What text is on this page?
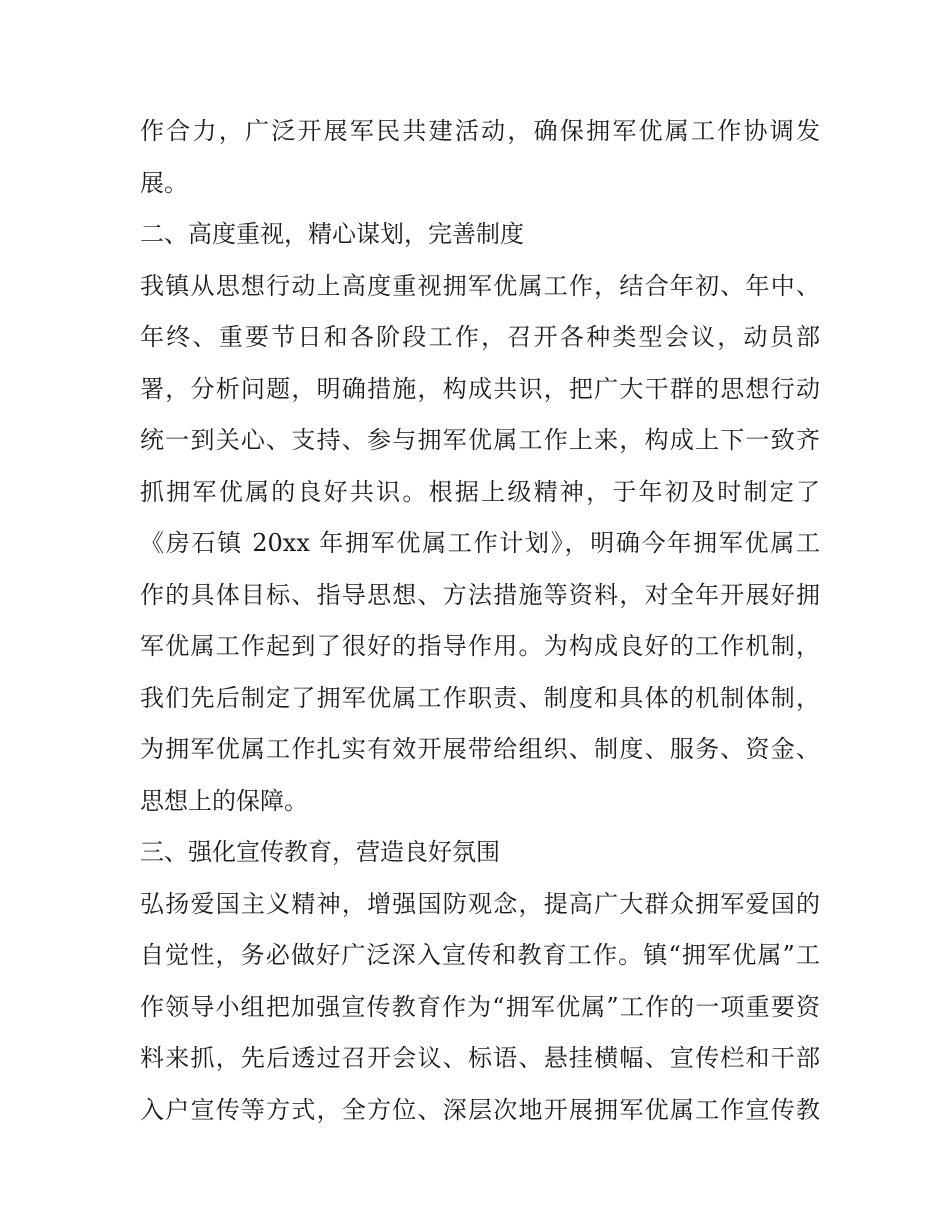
作合力，广泛开展军民共建活动，确保拥军优属工作协调发
展。
二、高度重视，精心谋划，完善制度
我镇从思想行动上高度重视拥军优属工作，结合年初、年中、
年终、重要节日和各阶段工作，召开各种类型会议，动员部
署，分析问题，明确措施，构成共识，把广大干群的思想行动
统一到关心、支持、参与拥军优属工作上来，构成上下一致齐
抓拥军优属的良好共识。根据上级精神，于年初及时制定了
《房石镇 20xx 年拥军优属工作计划》，明确今年拥军优属工
作的具体目标、指导思想、方法措施等资料，对全年开展好拥
军优属工作起到了很好的指导作用。为构成良好的工作机制，
我们先后制定了拥军优属工作职责、制度和具体的机制体制，
为拥军优属工作扎实有效开展带给组织、制度、服务、资金、
思想上的保障。
三、强化宣传教育，营造良好氛围
弘扬爱国主义精神，增强国防观念，提高广大群众拥军爱国的
自觉性，务必做好广泛深入宣传和教育工作。镇“拥军优属”工
作领导小组把加强宣传教育作为“拥军优属”工作的一项重要资
料来抓，先后透过召开会议、标语、悬挂横幅、宣传栏和干部
入户宣传等方式，全方位、深层次地开展拥军优属工作宣传教
